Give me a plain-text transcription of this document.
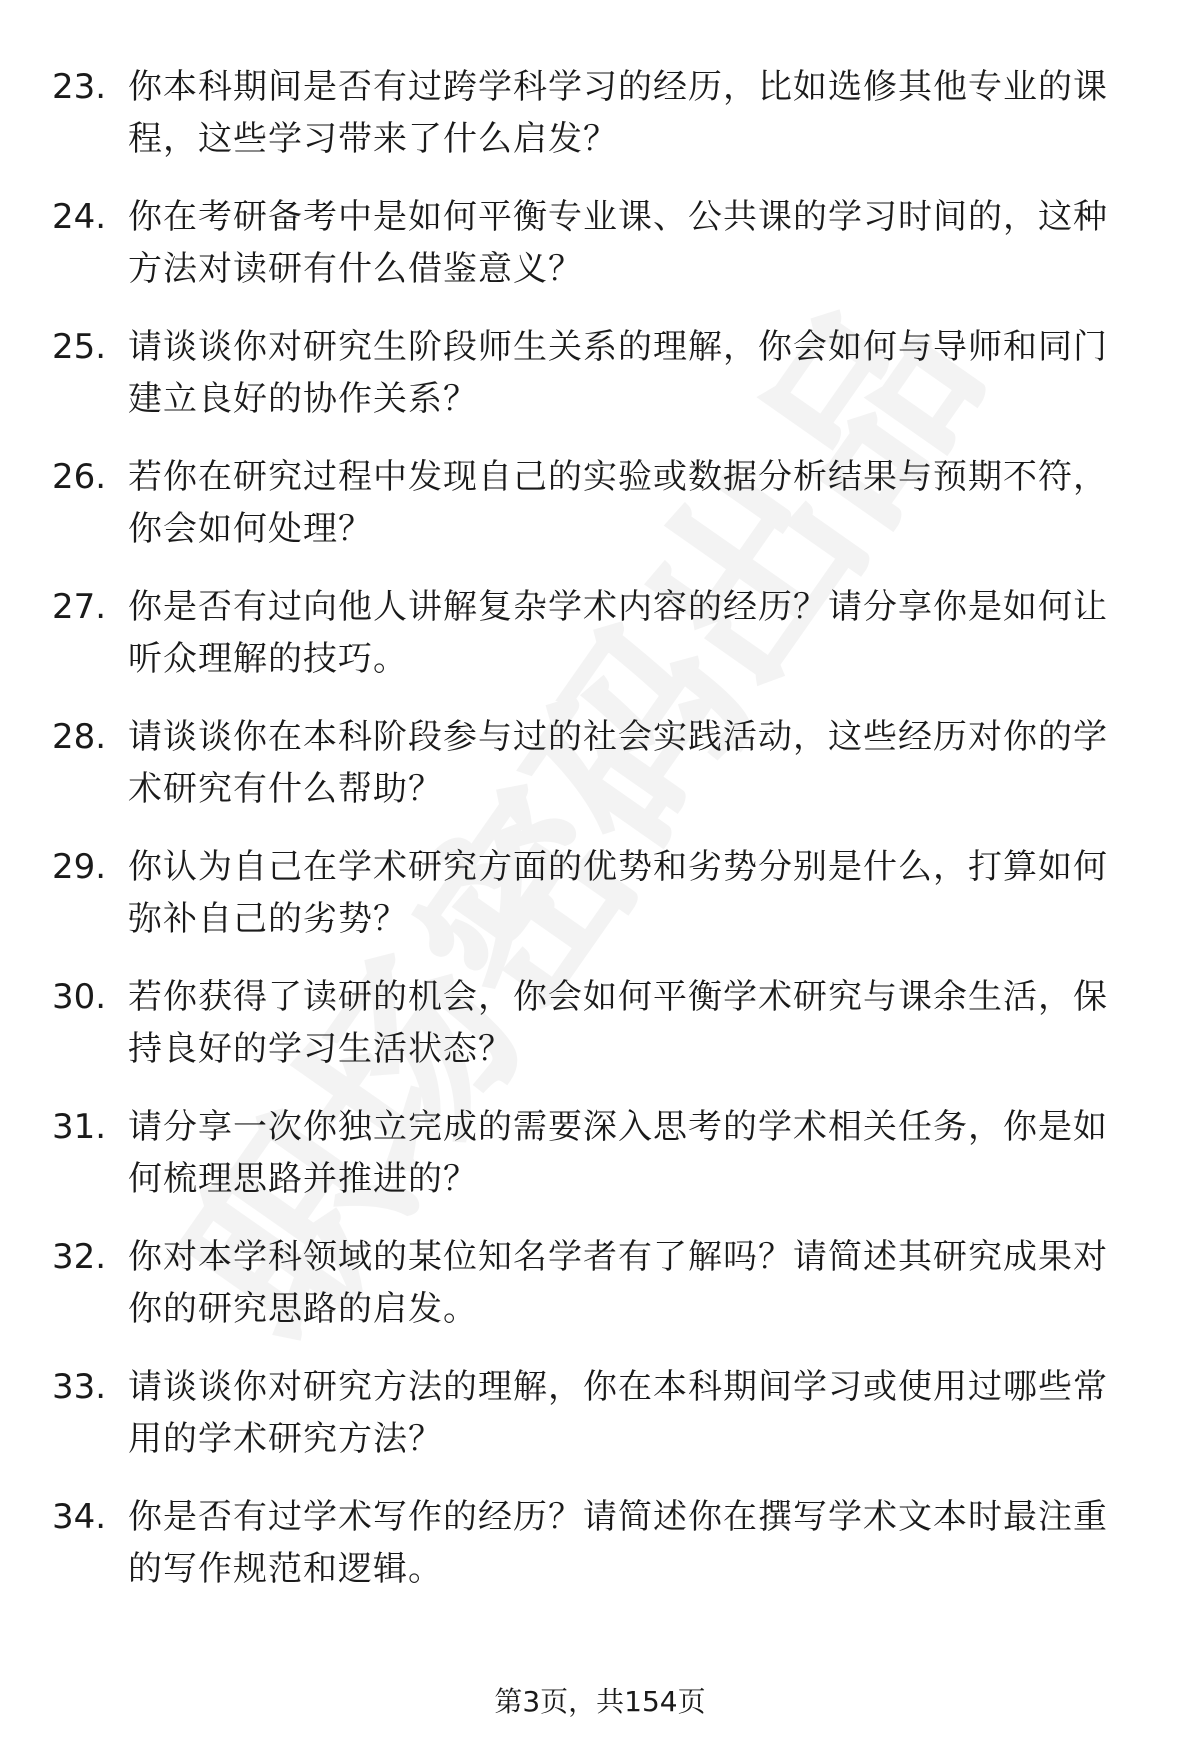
23. 你本科期间是否有过跨学科学习的经历，比如选修其他专业的课程，这些学习带来了什么启发？
24. 你在考研备考中是如何平衡专业课、公共课的学习时间的，这种方法对读研有什么借鉴意义？
25. 请谈谈你对研究生阶段师生关系的理解，你会如何与导师和同门建立良好的协作关系？
26. 若你在研究过程中发现自己的实验或数据分析结果与预期不符，你会如何处理？
27. 你是否有过向他人讲解复杂学术内容的经历？请分享你是如何让听众理解的技巧。
28. 请谈谈你在本科阶段参与过的社会实践活动，这些经历对你的学术研究有什么帮助？
29. 你认为自己在学术研究方面的优势和劣势分别是什么，打算如何弥补自己的劣势？
30. 若你获得了读研的机会，你会如何平衡学术研究与课余生活，保持良好的学习生活状态？
31. 请分享一次你独立完成的需要深入思考的学术相关任务，你是如何梳理思路并推进的？
32. 你对本学科领域的某位知名学者有了解吗？请简述其研究成果对你的研究思路的启发。
33. 请谈谈你对研究方法的理解，你在本科期间学习或使用过哪些常用的学术研究方法？
34. 你是否有过学术写作的经历？请简述你在撰写学术文本时最注重的写作规范和逻辑。
第3页，共154页
